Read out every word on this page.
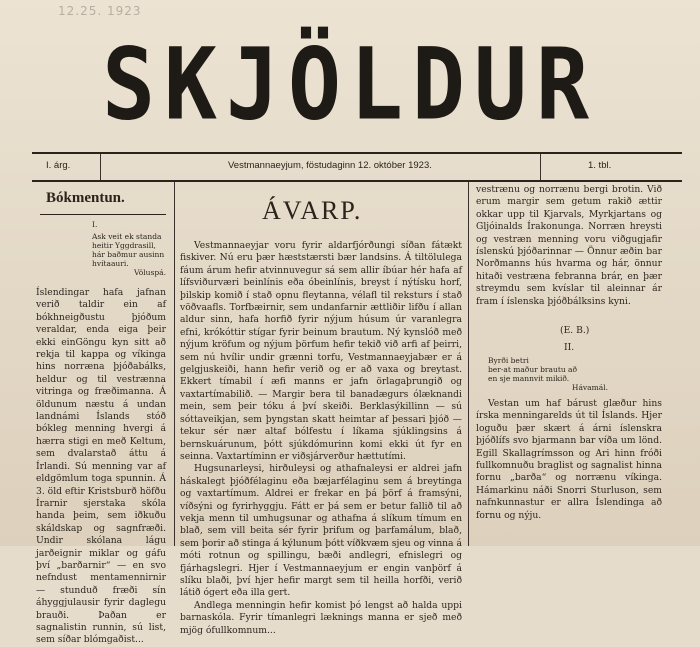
12.25. 1923
SKJÖLDUR
I. árg.	Vestmannaeyjum, föstudaginn 12. október 1923.	1. tbl.
Bókmentun.
I.
Ask veit ek standa
heitir Yggdrasill,
hár baðmur ausinn
hvítaauri.
Völuspá.
Íslendingar hafa jafnan verið taldir ein af bókhneigðustu þjóðum veraldar, enda eiga þeir ekki einGöngu kyn sitt að rekja til kappa og víkinga hins norræna þjóðabálks, heldur og til vestrænna vitringa og fræðimanna. Á öldunum næstu á undan landnámi Íslands stóð bókleg menning hvergi á hærra stigi en með Keltum, sem dvalarstað áttu á Írlandi. Sú menning var af eldgömlum toga spunnin. Á 3. öld eftir Kristsburð höfðu Írarnir sjerstaka skóla handa þeim, sem iðkuðu skáldskap og sagnfræði. Undir skólana lágu jarðeignir miklar og gáfu því „barðarnir“ — en svo nefndust mentamennirnir — stunduð fræði sín áhyggjulausir fyrir daglegu brauði. Þaðan er sagnalistin runnin, sú list, sem síðar blómgaðist...
ÁVARP.

Vestmannaeyjar voru fyrir aldarfjórðungi síðan fátækt fiskiver. Nú eru þær hæststærsti bær landsins. Á tiltölulega fáum árum hefir atvinnuvegur sá sem allir íbúar hér hafa af lífsviðurværi beinlínis eða óbeinlínis, breyst í nýtísku horf, þilskip komið í stað opnu fleytanna, vélafl til reksturs í stað vöðvaafls. Torfbæirnir, sem undanfarnir ættliðir lifðu í allan aldur sinn, hafa horfið fyrir nýjum húsum úr varanlegra efni, krókóttir stígar fyrir beinum brautum. Ný kynslóð með nýjum kröfum og nýjum þörfum hefir tekið við arfi af þeirri, sem nú hvílir undir grænni torfu, Vestmannaeyjabær er á gelgjuskeiði, hann hefir verið og er að vaxa og breytast. Ekkert tímabil í æfi manns er jafn örlagaþrungið og vaxtartímabilið. — Margir bera til banadægurs ólæknandi mein, sem þeir tóku á því skeiði. Berklasýkillinn — sú sóttaveikjan, sem þyngstan skatt heimtar af þessari þjóð — tekur sér nær altaf bólfestu í líkama sjúklingsins á bernskuárunum, þótt sjúkdómurinn komi ekki út fyr en seinna. Vaxtartíminn er viðsjárverður hættutími.

Hugsunarleysi, hirðuleysi og athafnaleysi er aldrei jafn háskalegt þjóðfélaginu eða bæjarfélaginu sem á breytinga og vaxtartímum. Aldrei er frekar en þá þörf á framsýni, víðsýni og fyrirhyggju. Fátt er þá sem er betur fallið til að vekja menn til umhugsunar og athafna á slíkum tímum en blað, sem vill beita sér fyrir þrifum og þarfamálum, blað, sem þorir að stinga á kýlunum þótt víðkvæm sjeu og vinna á móti rotnun og spillingu, bæði andlegri, efnislegri og fjárhagslegri. Hjer í Vestmannaeyjum er engin vanþörf á slíku blaði, því hjer hefir margt sem til heilla horfði, verið látið ógert eða illa gert.

Andlega menningin hefir komist þó lengst að halda uppi barnaskóla. Fyrir tímanlegri læknings manna er sjeð með mjög ófullkomnum...

vestrænu og norrænu bergi brotin. Við erum margir sem getum rakið ættir okkar upp til Kjarvals, Myrkjartans og Gljóinalds Írakonunga. Norræn hreysti og vestræn menning voru viðgugjafir íslenskú þjóðarinnar — Önnur æðin bar Norðmanns hús hvarma og hár, önnur hitaði vestræna febranna brár, en þær streymdu sem kvíslar til aleinnar ár fram í íslenska þjóðbálksins kyni.
(E. B.)
II.
Byrði betri
ber-at maður brautu að
en sje mannvit mikið.
Hávamál.
Vestan um haf bárust glæður hins írska menningarelds út til Íslands. Hjer loguðu þær skært á árni íslenskra þjóðlífs svo bjarmann bar víða um lönd. Egill Skallagrímsson og Ari hinn fróði fullkomnuðu braglist og sagnalist hinna fornu „barða“ og norrænu víkinga. Hámarkinu náði Snorri Sturluson, sem nafnkunnastur er allra Íslendinga að fornu og nýju.
